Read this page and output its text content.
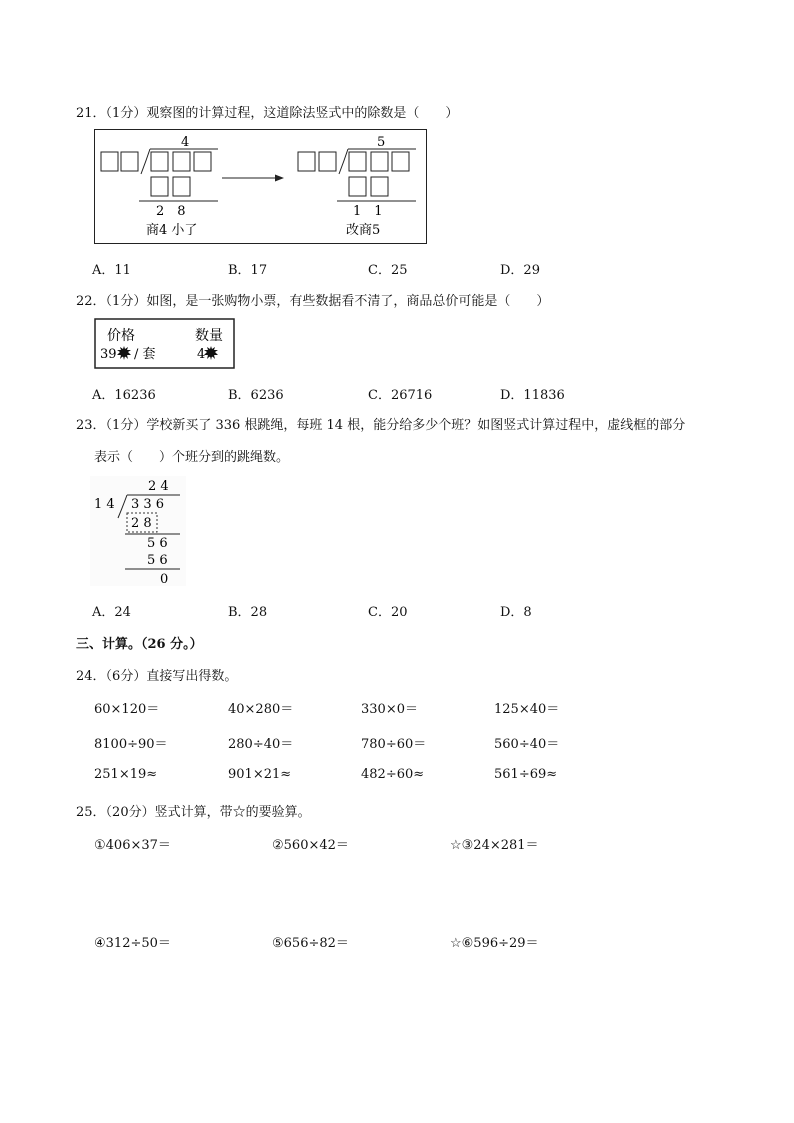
21．（1分）观察图的计算过程，这道除法竖式中的除数是（　　）
4
2　8
商4 小了
5
1　1
改商5
A．11	B．17	C．25	D．29
22．（1分）如图，是一张购物小票，有些数据看不清了，商品总价可能是（　　）
价格	数量
39 / 套	4
A．16236	B．6236	C．26716	D．11836
23．（1分）学校新买了 336 根跳绳，每班 14 根，能分给多少个班？如图竖式计算过程中，虚线框的部分
表示（　　）个班分到的跳绳数。
2 4
1 4 3 3 6
2 8
5 6
5 6
0
A．24	B．28	C．20	D．8
三、计算。（26 分。）
24．（6分）直接写出得数。
60×120＝	40×280＝	330×0＝	125×40＝
8100÷90＝	280÷40＝	780÷60＝	560÷40＝
251×19≈	901×21≈	482÷60≈	561÷69≈
25．（20分）竖式计算，带☆的要验算。
①406×37＝	②560×42＝	☆③24×281＝
④312÷50＝	⑤656÷82＝	☆⑥596÷29＝
